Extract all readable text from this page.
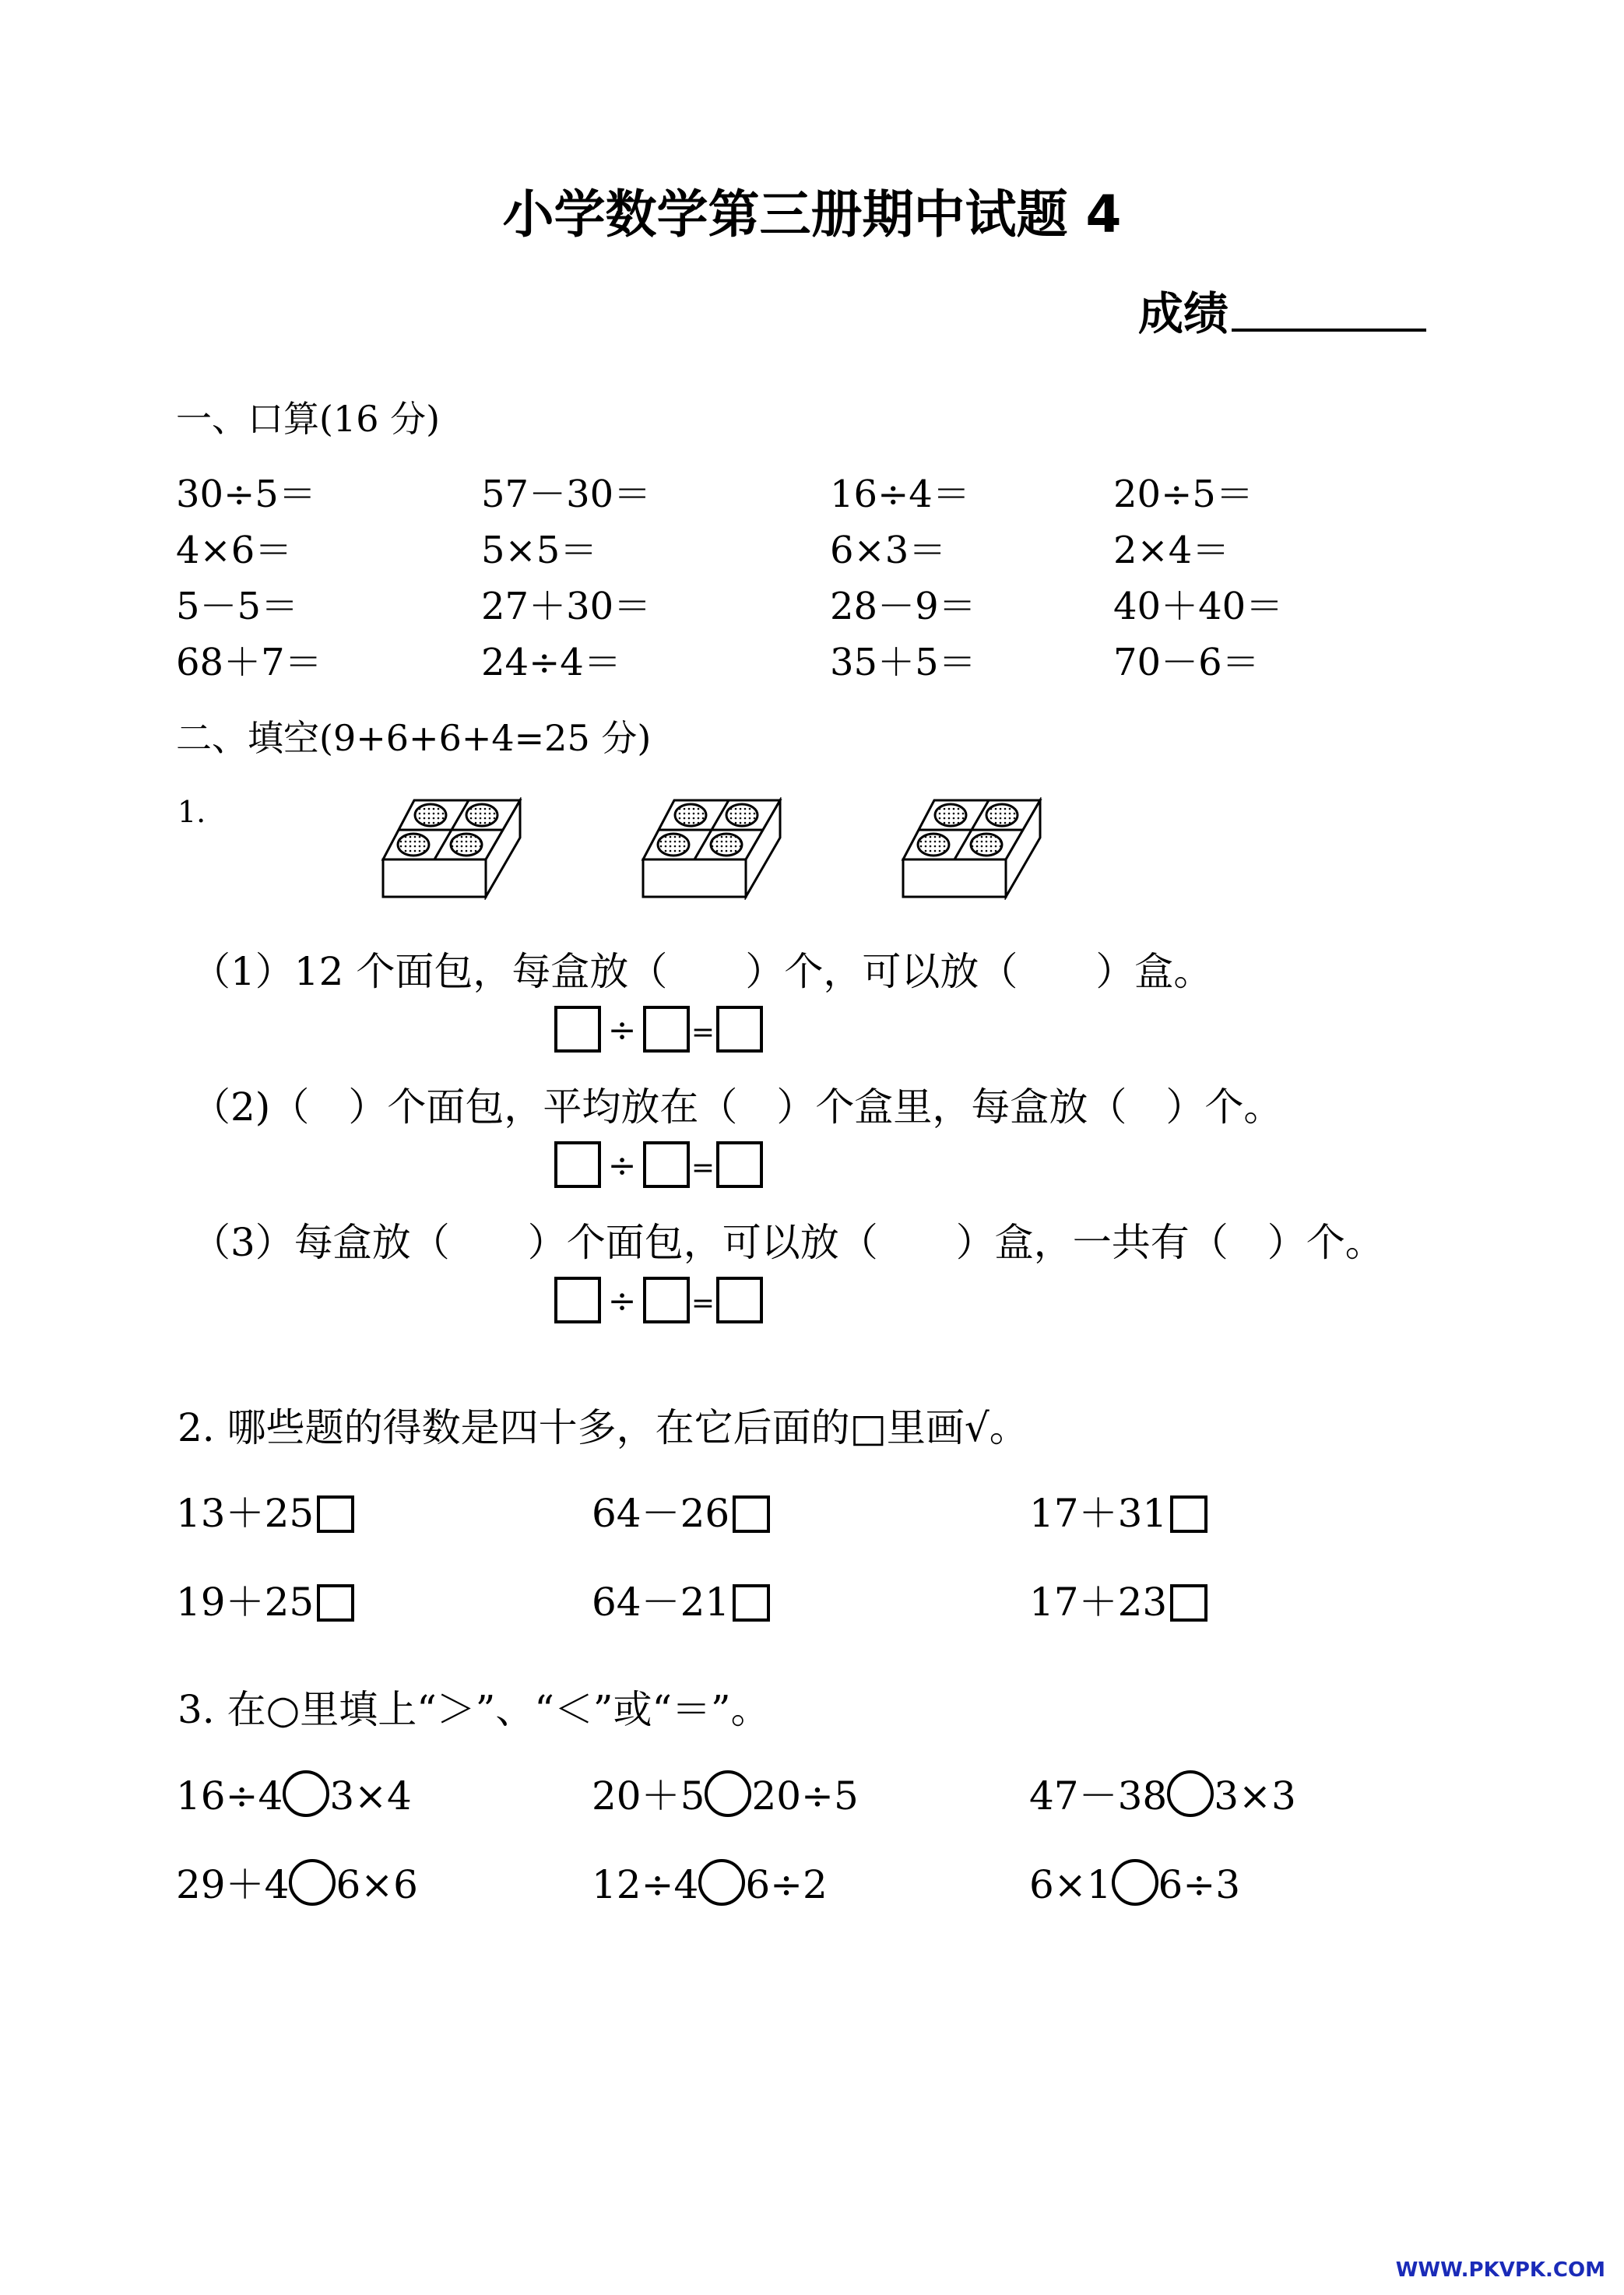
小学数学第三册期中试题 4
成绩
一、口算(16 分)
30÷5＝	57－30＝	16÷4＝	20÷5＝
4×6＝	5×5＝	6×3＝	2×4＝
5－5＝	27＋30＝	28－9＝	40＋40＝
68＋7＝	24÷4＝	35＋5＝	70－6＝
二、填空(9+6+6+4=25 分)
1.
（1）12 个面包，每盒放（　　）个，可以放（　　）盒。
÷ =
（2)（　）个面包，平均放在（　）个盒里，每盒放（　）个。
÷ =
（3）每盒放（　　）个面包，可以放（　　）盒，一共有（　）个。
÷ =
2. 哪些题的得数是四十多，在它后面的□里画√。
13＋25	64－26	17＋31
19＋25	64－21	17＋23
3. 在○里填上“＞”、“＜”或“＝”。
16÷4 3×4	20＋5 20÷5	47－38 3×3
29＋4 6×6	12÷4 6÷2	6×1 6÷3
WWW.PKVPK.COM
